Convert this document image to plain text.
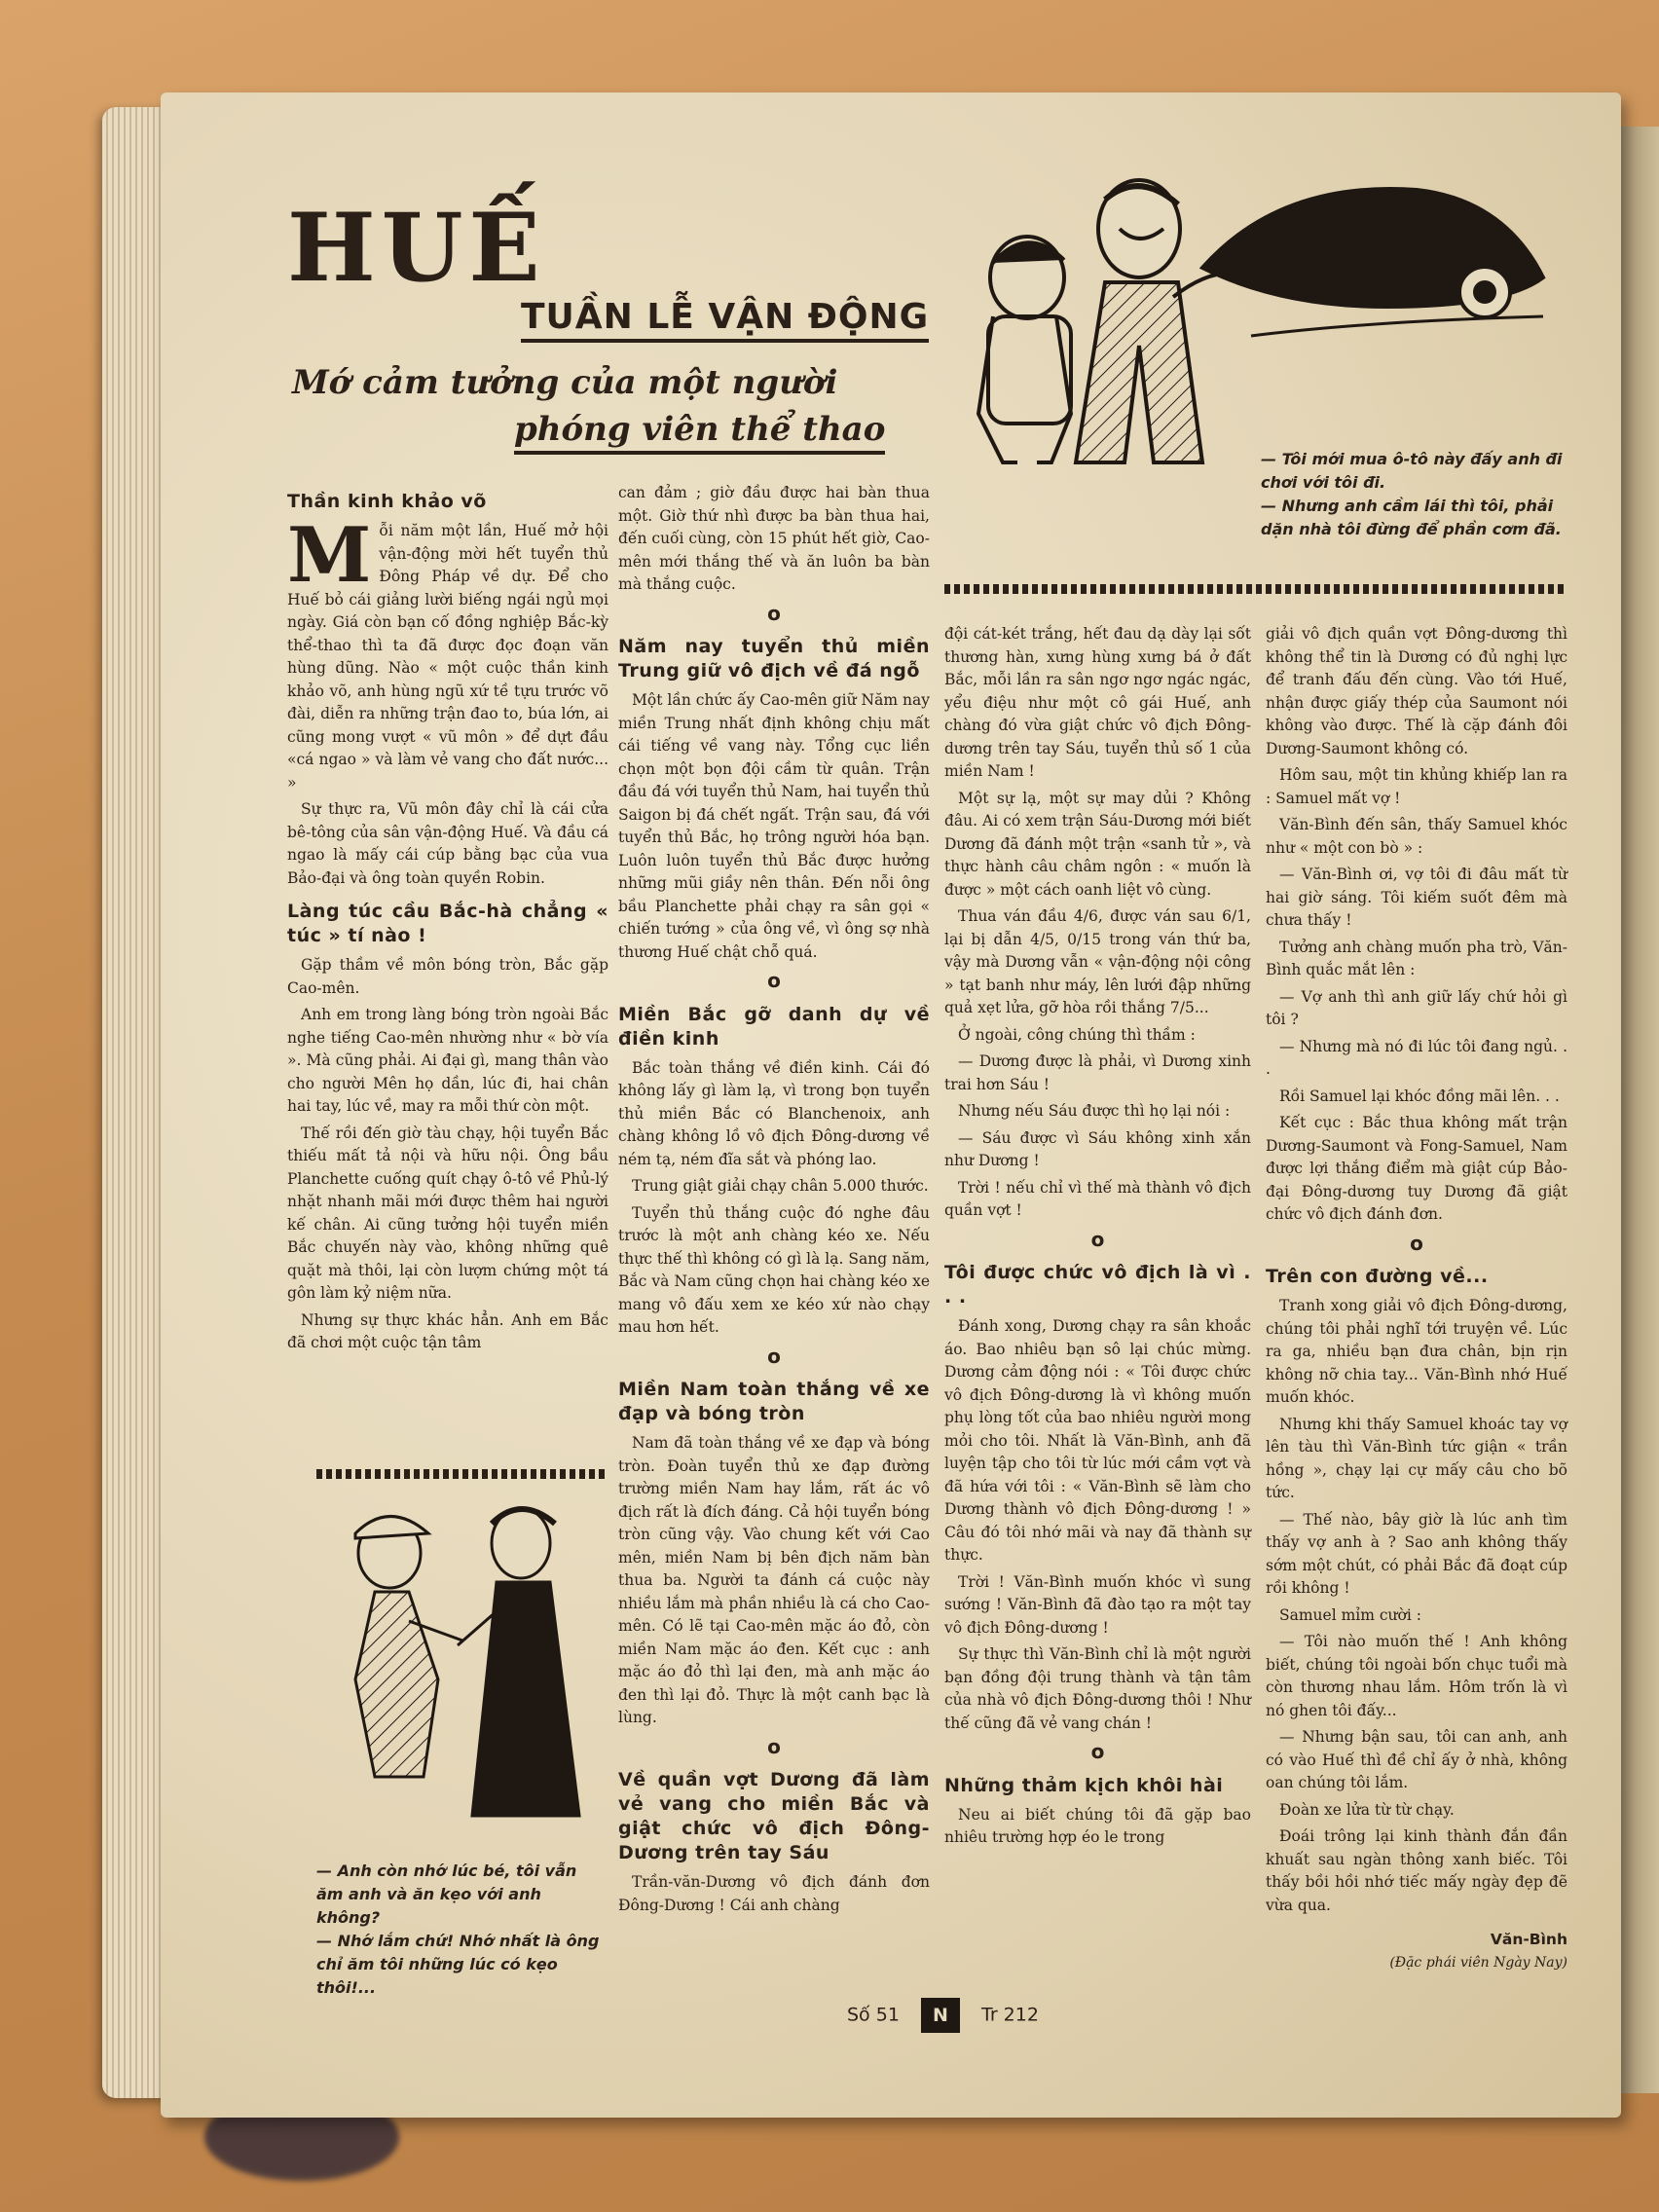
HUẾ
TUẦN LỄ VẬN ĐỘNG
Mớ cảm tưởng của một người
phóng viên thể thao

— Tôi mới mua ô-tô này đấy anh đi chơi với tôi đi.

— Nhưng anh cầm lái thì tôi, phải dặn nhà tôi đừng để phần cơm đã.

Thần kinh khảo võ
M ỗi năm một lần, Huế mở hội vận-động mời hết tuyển thủ Đông Pháp về dự. Để cho Huế bỏ cái giảng lười biếng ngái ngủ mọi ngày. Giá còn bạn cố đồng nghiệp Bắc-kỳ thể-thao thì ta đã được đọc đoạn văn hùng dũng. Nào « một cuộc thần kinh khảo võ, anh hùng ngũ xứ tề tựu trước võ đài, diễn ra những trận đao to, búa lớn, ai cũng mong vượt « vũ môn » để dựt đầu «cá ngao » và làm vẻ vang cho đất nước... »

Sự thực ra, Vũ môn đây chỉ là cái cửa bê-tông của sân vận-động Huế. Và đầu cá ngao là mấy cái cúp bằng bạc của vua Bảo-đại và ông toàn quyền Robin.

Làng túc cầu Bắc-hà chẳng « túc » tí nào !

Gặp thầm về môn bóng tròn, Bắc gặp Cao-mên.

Anh em trong làng bóng tròn ngoài Bắc nghe tiếng Cao-mên nhường như « bờ vía ». Mà cũng phải. Ai đại gì, mang thân vào cho người Mên họ dần, lúc đi, hai chân hai tay, lúc về, may ra mỗi thứ còn một.

Thế rồi đến giờ tàu chạy, hội tuyển Bắc thiếu mất tả nội và hữu nội. Ông bầu Planchette cuống quít chạy ô-tô về Phủ-lý nhặt nhanh mãi mới được thêm hai người kế chân. Ai cũng tưởng hội tuyển miền Bắc chuyến này vào, không những quê quặt mà thôi, lại còn lượm chứng một tá gôn làm kỷ niệm nữa.

Nhưng sự thực khác hẳn. Anh em Bắc đã chơi một cuộc tận tâm

— Anh còn nhớ lúc bé, tôi vẫn ăm anh và ăn kẹo với anh không?

— Nhớ lắm chứ! Nhớ nhất là ông chỉ ăm tôi những lúc có kẹo thôi!...

can đảm ; giờ đầu được hai bàn thua một. Giờ thứ nhì được ba bàn thua hai, đến cuối cùng, còn 15 phút hết giờ, Cao-mên mới thắng thế và ăn luôn ba bàn mà thắng cuộc.

o
Năm nay tuyển thủ miền Trung giữ vô địch về đá ngỗ

Một lần chức ấy Cao-mên giữ Năm nay miền Trung nhất định không chịu mất cái tiếng về vang này. Tổng cục liền chọn một bọn đội cầm từ quân. Trận đầu đá với tuyển thủ Nam, hai tuyển thủ Saigon bị đá chết ngất. Trận sau, đá với tuyển thủ Bắc, họ trông người hóa bạn. Luôn luôn tuyển thủ Bắc được hưởng những mũi giầy nên thân. Đến nỗi ông bầu Planchette phải chạy ra sân gọi « chiến tướng » của ông về, vì ông sợ nhà thương Huế chật chỗ quá.

o
Miền Bắc gỡ danh dự về điền kinh

Bắc toàn thắng về điền kinh. Cái đó không lấy gì làm lạ, vì trong bọn tuyển thủ miền Bắc có Blanchenoix, anh chàng không lồ vô địch Đông-dương về ném tạ, ném đĩa sắt và phóng lao.

Trung giật giải chạy chân 5.000 thước.

Tuyển thủ thắng cuộc đó nghe đâu trước là một anh chàng kéo xe. Nếu thực thế thì không có gì là lạ. Sang năm, Bắc và Nam cũng chọn hai chàng kéo xe mang vô đấu xem xe kéo xứ nào chạy mau hơn hết.

o
Miền Nam toàn thắng về xe đạp và bóng tròn

Nam đã toàn thắng về xe đạp và bóng tròn. Đoàn tuyển thủ xe đạp đường trường miền Nam hay lắm, rất ác vô địch rất là đích đáng. Cả hội tuyển bóng tròn cũng vậy. Vào chung kết với Cao mên, miền Nam bị bên địch năm bàn thua ba. Người ta đánh cá cuộc này nhiều lắm mà phần nhiều là cá cho Cao-mên. Có lẽ tại Cao-mên mặc áo đỏ, còn miền Nam mặc áo đen. Kết cục : anh mặc áo đỏ thì lại đen, mà anh mặc áo đen thì lại đỏ. Thực là một canh bạc là lùng.

o
Về quần vợt Dương đã làm vẻ vang cho miền Bắc và giật chức vô địch Đông-Dương trên tay Sáu

Trần-văn-Dương vô địch đánh đơn Đông-Dương ! Cái anh chàng

đội cát-két trắng, hết đau dạ dày lại sốt thương hàn, xưng hùng xưng bá ở đất Bắc, mỗi lần ra sân ngơ ngơ ngác ngác, yểu điệu như một cô gái Huế, anh chàng đó vừa giật chức vô địch Đông-dương trên tay Sáu, tuyển thủ số 1 của miền Nam !

Một sự lạ, một sự may dủi ? Không đâu. Ai có xem trận Sáu-Dương mới biết Dương đã đánh một trận «sanh tử », và thực hành câu châm ngôn : « muốn là được » một cách oanh liệt vô cùng.

Thua ván đầu 4/6, được ván sau 6/1, lại bị dẫn 4/5, 0/15 trong ván thứ ba, vậy mà Dương vẫn « vận-động nội công » tạt banh như máy, lên lưới đập những quả xẹt lửa, gỡ hòa rồi thắng 7/5...

Ở ngoài, công chúng thì thầm :

— Dương được là phải, vì Dương xinh trai hơn Sáu !

Nhưng nếu Sáu được thì họ lại nói :

— Sáu được vì Sáu không xinh xắn như Dương !

Trời ! nếu chỉ vì thế mà thành vô địch quần vợt !

o
Tôi được chức vô địch là vì . . .

Đánh xong, Dương chạy ra sân khoắc áo. Bao nhiêu bạn sô lại chúc mừng. Dương cảm động nói : « Tôi được chức vô địch Đông-dương là vì không muốn phụ lòng tốt của bao nhiêu người mong mỏi cho tôi. Nhất là Văn-Bình, anh đã luyện tập cho tôi từ lúc mới cầm vợt và đã hứa với tôi : « Văn-Bình sẽ làm cho Dương thành vô địch Đông-dương ! » Câu đó tôi nhớ mãi và nay đã thành sự thực.

Trời ! Văn-Bình muốn khóc vì sung sướng ! Văn-Bình đã đào tạo ra một tay vô địch Đông-dương !

Sự thực thì Văn-Bình chỉ là một người bạn đồng đội trung thành và tận tâm của nhà vô địch Đông-dương thôi ! Như thế cũng đã vẻ vang chán !

o
Những thảm kịch khôi hài

Neu ai biết chúng tôi đã gặp bao nhiêu trường hợp éo le trong

giải vô địch quần vợt Đông-dương thì không thể tin là Dương có đủ nghị lực để tranh đấu đến cùng. Vào tới Huế, nhận được giấy thép của Saumont nói không vào được. Thế là cặp đánh đôi Dương-Saumont không có.

Hôm sau, một tin khủng khiếp lan ra : Samuel mất vợ !

Văn-Bình đến sân, thấy Samuel khóc như « một con bò » :

— Văn-Bình ơi, vợ tôi đi đâu mất từ hai giờ sáng. Tôi kiếm suốt đêm mà chưa thấy !

Tưởng anh chàng muốn pha trò, Văn-Bình quắc mắt lên :

— Vợ anh thì anh giữ lấy chứ hỏi gì tôi ?

— Nhưng mà nó đi lúc tôi đang ngủ. . .

Rồi Samuel lại khóc đồng mãi lên. . .

Kết cục : Bắc thua không mất trận Dương-Saumont và Fong-Samuel, Nam được lợi thắng điểm mà giật cúp Bảo-đại Đông-dương tuy Dương đã giật chức vô địch đánh đơn.

o
Trên con đường về...

Tranh xong giải vô địch Đông-dương, chúng tôi phải nghĩ tới truyện về. Lúc ra ga, nhiều bạn đưa chân, bịn rịn không nỡ chia tay... Văn-Bình nhớ Huế muốn khóc.

Nhưng khi thấy Samuel khoác tay vợ lên tàu thì Văn-Bình tức giận « trần hồng », chạy lại cự mấy câu cho bõ tức.

— Thế nào, bây giờ là lúc anh tìm thấy vợ anh à ? Sao anh không thấy sớm một chút, có phải Bắc đã đoạt cúp rồi không !

Samuel mỉm cười :

— Tôi nào muốn thế ! Anh không biết, chúng tôi ngoài bốn chục tuổi mà còn thương nhau lắm. Hôm trốn là vì nó ghen tôi đấy...

— Nhưng bận sau, tôi can anh, anh có vào Huế thì đề chỉ ấy ở nhà, không oan chúng tôi lắm.

Đoàn xe lửa từ từ chạy.

Đoái trông lại kinh thành đắn đần khuất sau ngàn thông xanh biếc. Tôi thấy bồi hồi nhớ tiếc mấy ngày đẹp đẽ vừa qua.

Văn-Bình
(Đặc phái viên Ngày Nay)
Số 51 N Tr 212
